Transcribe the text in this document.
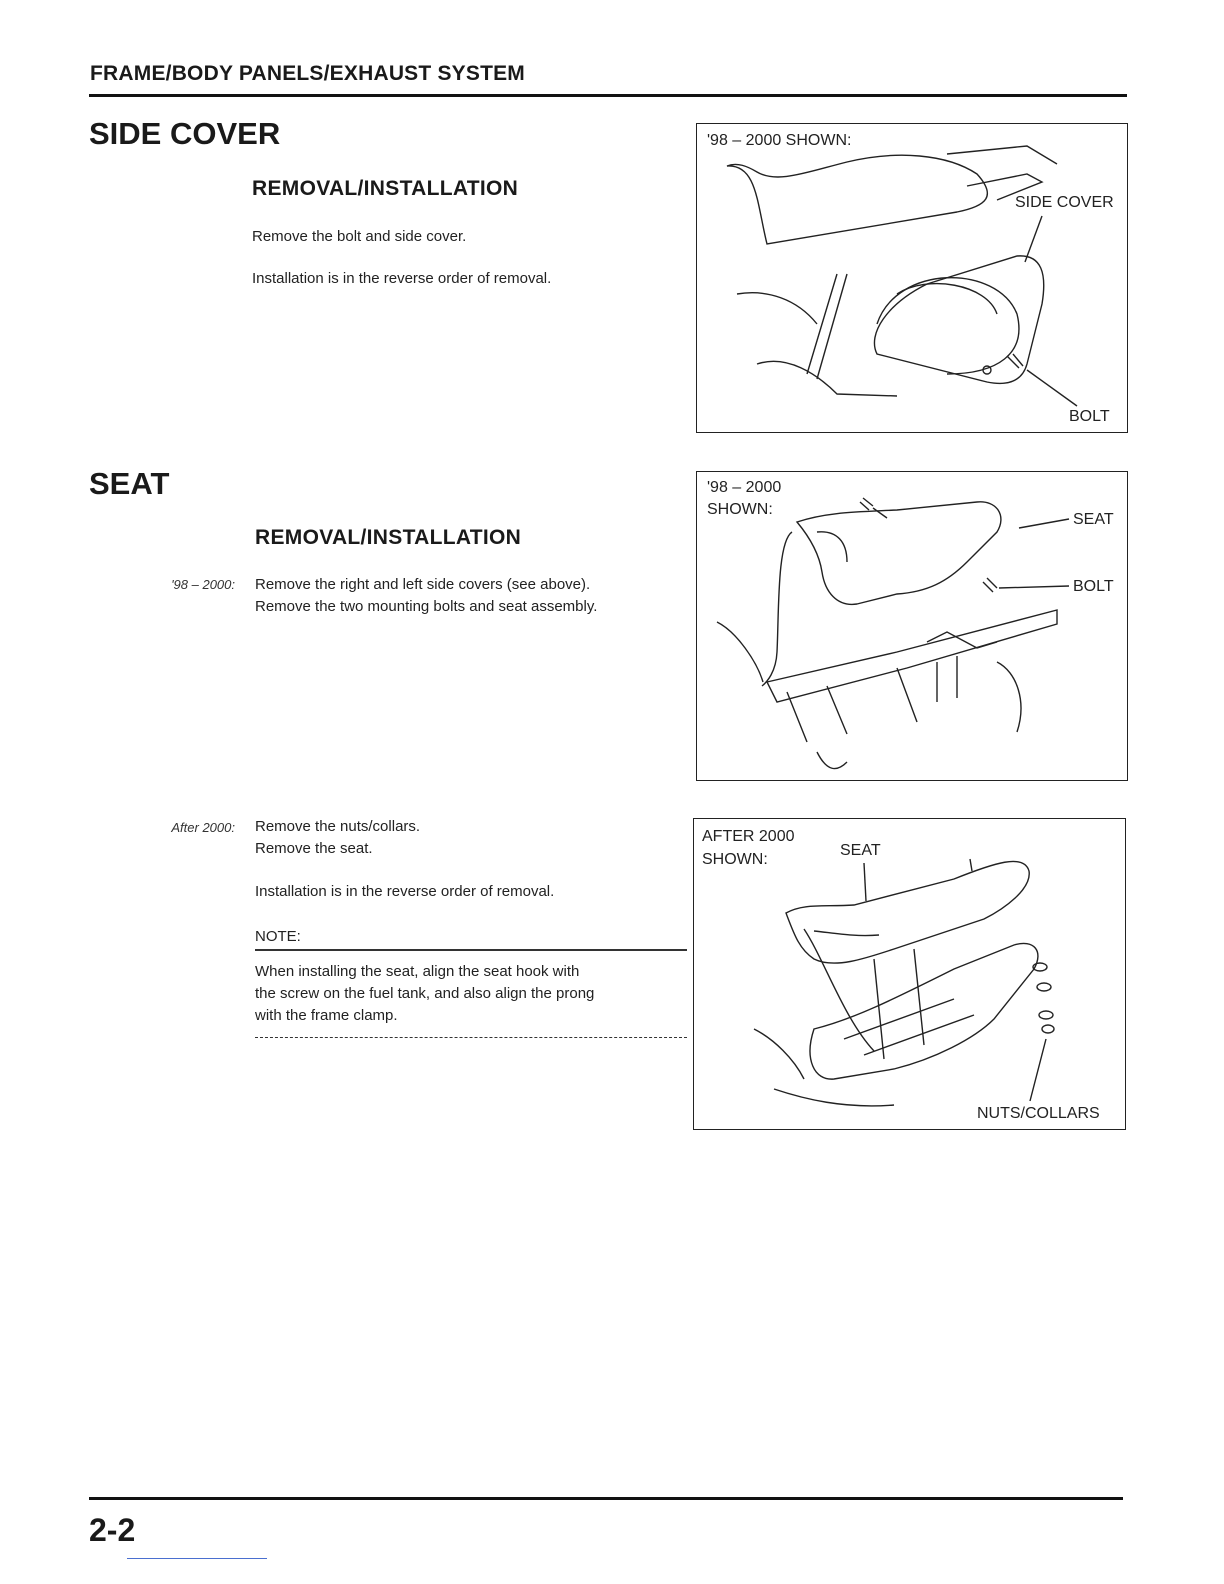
FRAME/BODY PANELS/EXHAUST SYSTEM
SIDE COVER
REMOVAL/INSTALLATION
Remove the bolt and side cover.
Installation is in the reverse order of removal.
'98 – 2000 SHOWN:
SIDE COVER
BOLT
SEAT
REMOVAL/INSTALLATION
'98 – 2000: Remove the right and left side covers (see above).
Remove the two mounting bolts and seat assembly.
'98 – 2000
SHOWN:
SEAT
BOLT
After 2000: Remove the nuts/collars.
Remove the seat.
Installation is in the reverse order of removal.
NOTE:
When installing the seat, align the seat hook with
the screw on the fuel tank, and also align the prong
with the frame clamp.
AFTER 2000
SHOWN:
SEAT
NUTS/COLLARS
2-2
